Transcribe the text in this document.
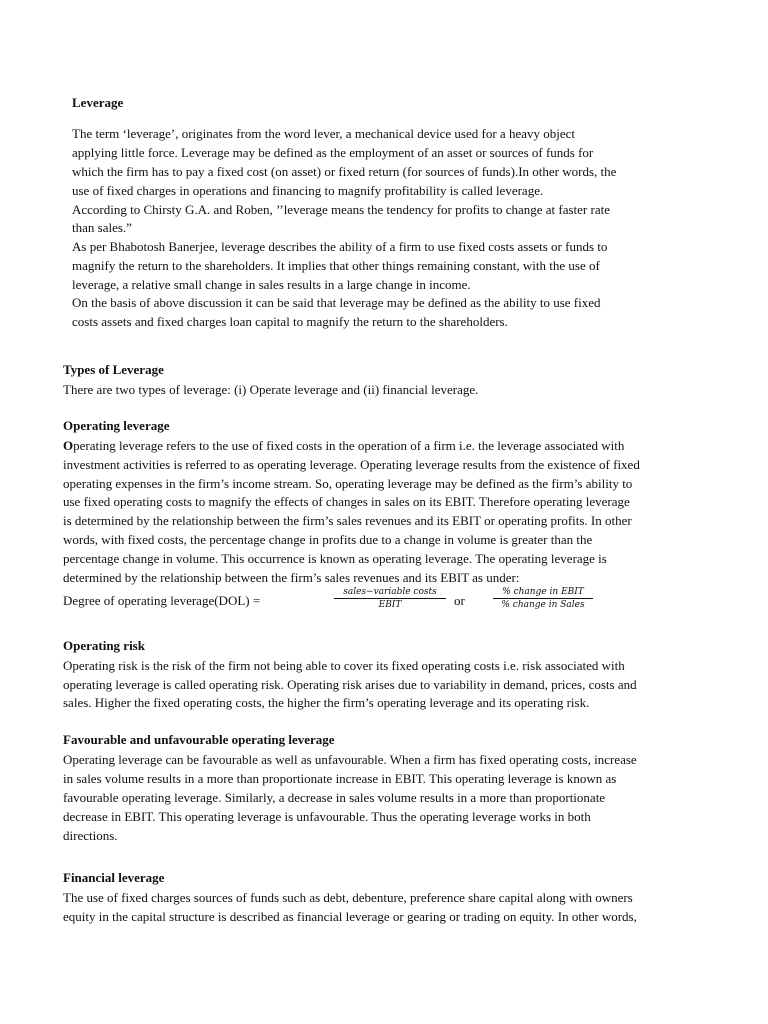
Leverage
The term ‘leverage’, originates from the word lever, a mechanical device used for a heavy object
applying little force. Leverage may be defined as the employment of an asset or sources of funds for
which the firm has to pay a fixed cost (on asset) or fixed return (for sources of funds).In other words, the
use of fixed charges in operations and financing to magnify profitability is called leverage.
According to Chirsty G.A. and Roben, ’’leverage means the tendency for profits to change at faster rate
than sales.”
As per Bhabotosh Banerjee, leverage describes the ability of a firm to use fixed costs assets or funds to
magnify the return to the shareholders. It implies that other things remaining constant, with the use of
leverage, a relative small change in sales results in a large change in income.
On the basis of above discussion it can be said that leverage may be defined as the ability to use fixed
costs assets and fixed charges loan capital to magnify the return to the shareholders.
Types of Leverage
There are two types of leverage: (i) Operate leverage and (ii) financial leverage.
Operating leverage
Operating leverage refers to the use of fixed costs in the operation of a firm i.e. the leverage associated with
investment activities is referred to as operating leverage. Operating leverage results from the existence of fixed
operating expenses in the firm’s income stream. So, operating leverage may be defined as the firm’s ability to
use fixed operating costs to magnify the effects of changes in sales on its EBIT. Therefore operating leverage
is determined by the relationship between the firm’s sales revenues and its EBIT or operating profits. In other
words, with fixed costs, the percentage change in profits due to a change in volume is greater than the
percentage change in volume. This occurrence is known as operating leverage. The operating leverage is
determined by the relationship between the firm’s sales revenues and its EBIT as under:
Degree of operating leverage(DOL) =
sales−variable costs
EBIT	or
% change in EBIT
% change in Sales
Operating risk
Operating risk is the risk of the firm not being able to cover its fixed operating costs i.e. risk associated with
operating leverage is called operating risk. Operating risk arises due to variability in demand, prices, costs and
sales. Higher the fixed operating costs, the higher the firm’s operating leverage and its operating risk.
Favourable and unfavourable operating leverage
Operating leverage can be favourable as well as unfavourable. When a firm has fixed operating costs, increase
in sales volume results in a more than proportionate increase in EBIT. This operating leverage is known as
favourable operating leverage. Similarly, a decrease in sales volume results in a more than proportionate
decrease in EBIT. This operating leverage is unfavourable. Thus the operating leverage works in both
directions.
Financial leverage
The use of fixed charges sources of funds such as debt, debenture, preference share capital along with owners
equity in the capital structure is described as financial leverage or gearing or trading on equity. In other words,
